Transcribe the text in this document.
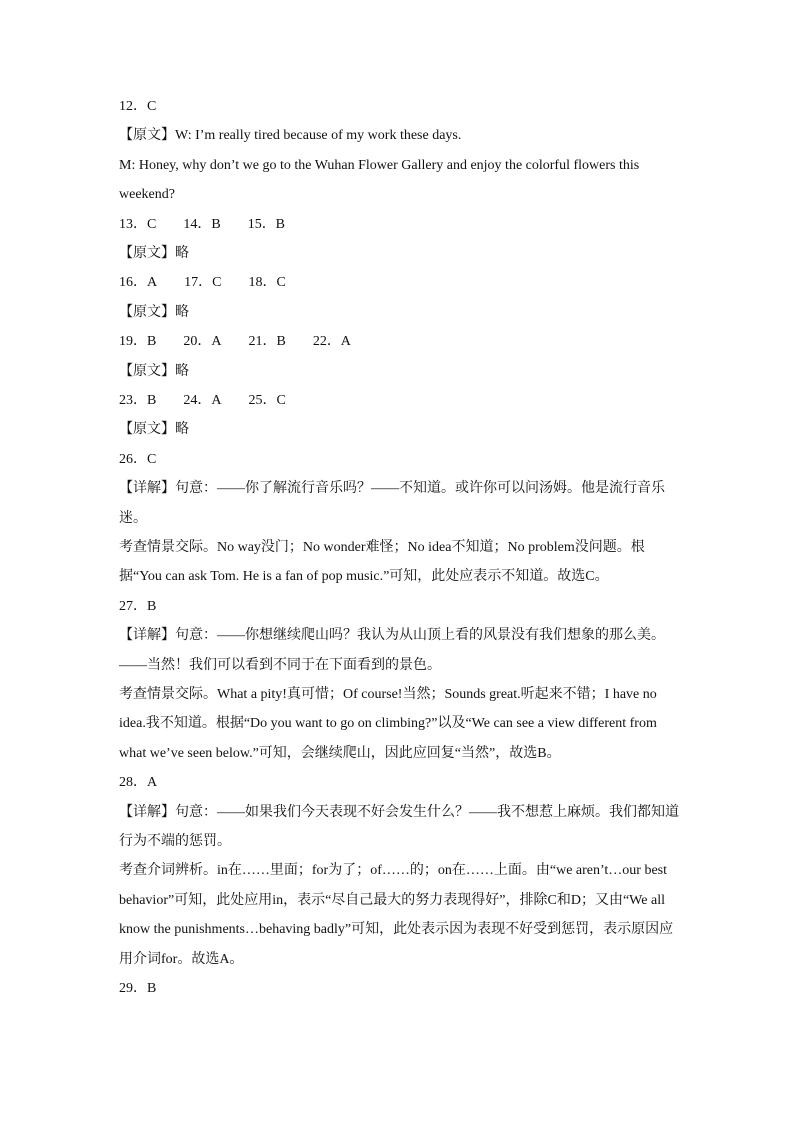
12．C
【原文】W: I’m really tired because of my work these days.
M: Honey, why don’t we go to the Wuhan Flower Gallery and enjoy the colorful flowers this weekend?
13．C 14．B 15．B
【原文】略
16．A 17．C 18．C
【原文】略
19．B 20．A 21．B 22．A
【原文】略
23．B 24．A 25．C
【原文】略
26．C
【详解】句意：——你了解流行音乐吗？——不知道。或许你可以问汤姆。他是流行音乐迷。
考查情景交际。No way没门；No wonder难怪；No idea不知道；No problem没问题。根据“You can ask Tom. He is a fan of pop music.”可知，此处应表示不知道。故选C。
27．B
【详解】句意：——你想继续爬山吗？我认为从山顶上看的风景没有我们想象的那么美。——当然！我们可以看到不同于在下面看到的景色。
考查情景交际。What a pity!真可惜；Of course!当然；Sounds great.听起来不错；I have no idea.我不知道。根据“Do you want to go on climbing?”以及“We can see a view different from what we’ve seen below.”可知，会继续爬山，因此应回复“当然”，故选B。
28．A
【详解】句意：——如果我们今天表现不好会发生什么？——我不想惹上麻烦。我们都知道行为不端的惩罚。
考查介词辨析。in在……里面；for为了；of……的；on在……上面。由“we aren’t…our best behavior”可知，此处应用in，表示“尽自己最大的努力表现得好”，排除C和D；又由“We all know the punishments…behaving badly”可知，此处表示因为表现不好受到惩罚，表示原因应用介词for。故选A。
29．B
